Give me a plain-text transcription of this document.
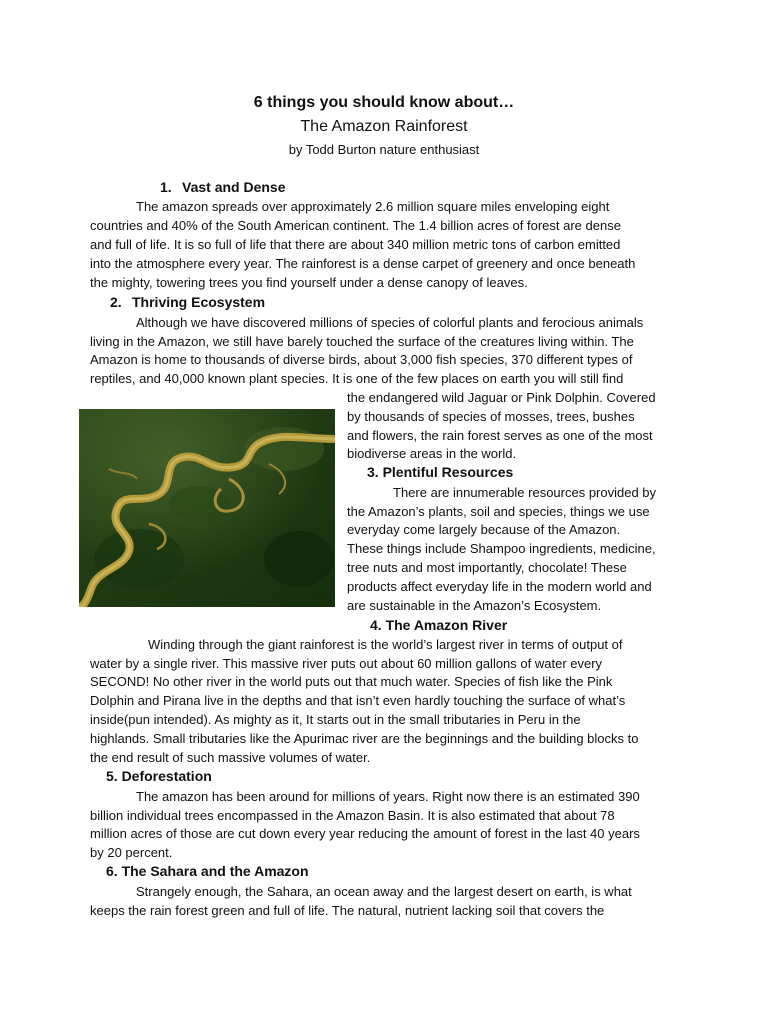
6 things you should know about…
The Amazon Rainforest
by Todd Burton nature enthusiast
1. Vast and Dense
The amazon spreads over approximately 2.6 million square miles enveloping eight
countries and 40% of the South American continent. The 1.4 billion acres of forest are dense
and full of life. It is so full of life that there are about 340 million metric tons of carbon emitted
into the atmosphere every year. The rainforest is a dense carpet of greenery and once beneath
the mighty, towering trees you find yourself under a dense canopy of leaves.
2. Thriving Ecosystem
Although we have discovered millions of species of colorful plants and ferocious animals
living in the Amazon, we still have barely touched the surface of the creatures living within. The
Amazon is home to thousands of diverse birds, about 3,000 fish species, 370 different types of
reptiles, and 40,000 known plant species. It is one of the few places on earth you will still find
the endangered wild Jaguar or Pink Dolphin. Covered
by thousands of species of mosses, trees, bushes
and flowers, the rain forest serves as one of the most
biodiverse areas in the world.
3. Plentiful Resources
There are innumerable resources provided by
the Amazon’s plants, soil and species, things we use
everyday come largely because of the Amazon.
These things include Shampoo ingredients, medicine,
tree nuts and most importantly, chocolate! These
products affect everyday life in the modern world and
are sustainable in the Amazon’s Ecosystem.
4. The Amazon River
Winding through the giant rainforest is the world’s largest river in terms of output of
water by a single river. This massive river puts out about 60 million gallons of water every
SECOND! No other river in the world puts out that much water. Species of fish like the Pink
Dolphin and Pirana live in the depths and that isn’t even hardly touching the surface of what’s
inside(pun intended). As mighty as it, It starts out in the small tributaries in Peru in the
highlands. Small tributaries like the Apurimac river are the beginnings and the building blocks to
the end result of such massive volumes of water.
5. Deforestation
The amazon has been around for millions of years. Right now there is an estimated 390
billion individual trees encompassed in the Amazon Basin. It is also estimated that about 78
million acres of those are cut down every year reducing the amount of forest in the last 40 years
by 20 percent.
6. The Sahara and the Amazon
Strangely enough, the Sahara, an ocean away and the largest desert on earth, is what
keeps the rain forest green and full of life. The natural, nutrient lacking soil that covers the
